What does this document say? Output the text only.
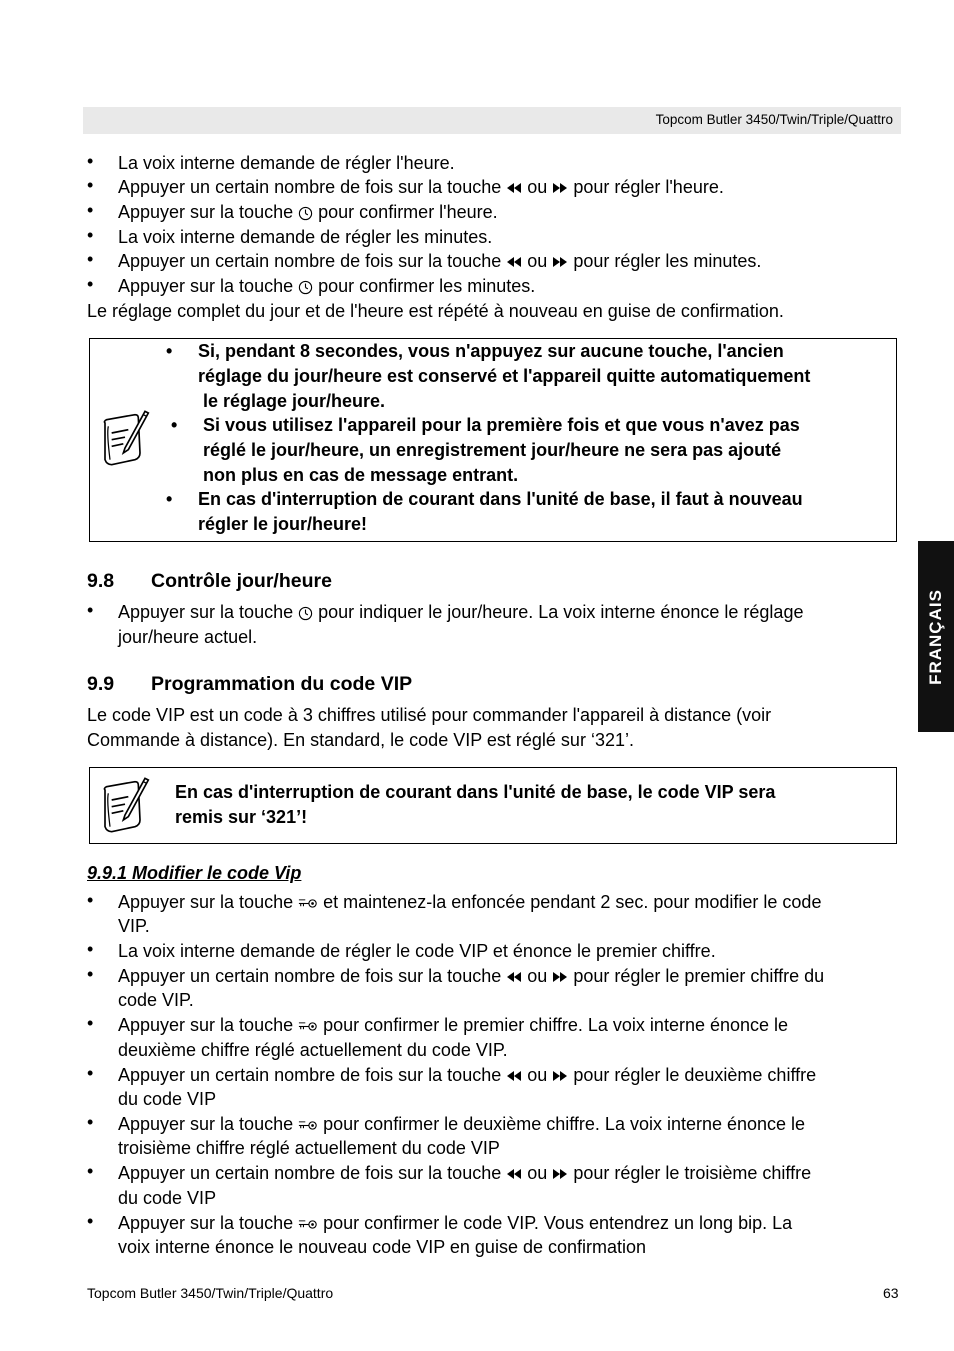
Topcom Butler 3450/Twin/Triple/Quattro
FRANÇAIS
• La voix interne demande de régler l'heure.
• Appuyer un certain nombre de fois sur la touche ou pour régler l'heure.
• Appuyer sur la touche pour confirmer l'heure.
• La voix interne demande de régler les minutes.
• Appuyer un certain nombre de fois sur la touche ou pour régler les minutes.
• Appuyer sur la touche pour confirmer les minutes.
Le réglage complet du jour et de l'heure est répété à nouveau en guise de confirmation.
• Si, pendant 8 secondes, vous n'appuyez sur aucune touche, l'ancien
réglage du jour/heure est conservé et l'appareil quitte automatiquement
le réglage jour/heure.
• Si vous utilisez l'appareil pour la première fois et que vous n'avez pas
réglé le jour/heure, un enregistrement jour/heure ne sera pas ajouté
non plus en cas de message entrant.
• En cas d'interruption de courant dans l'unité de base, il faut à nouveau
régler le jour/heure!
9.8 Contrôle jour/heure
• Appuyer sur la touche pour indiquer le jour/heure. La voix interne énonce le réglage
jour/heure actuel.
9.9 Programmation du code VIP
Le code VIP est un code à 3 chiffres utilisé pour commander l'appareil à distance (voir
Commande à distance). En standard, le code VIP est réglé sur ‘321’.
En cas d'interruption de courant dans l'unité de base, le code VIP sera
remis sur ‘321’!
9.9.1 Modifier le code Vip
• Appuyer sur la touche et maintenez-la enfoncée pendant 2 sec. pour modifier le code
VIP.
• La voix interne demande de régler le code VIP et énonce le premier chiffre.
• Appuyer un certain nombre de fois sur la touche ou pour régler le premier chiffre du
code VIP.
• Appuyer sur la touche pour confirmer le premier chiffre. La voix interne énonce le
deuxième chiffre réglé actuellement du code VIP.
• Appuyer un certain nombre de fois sur la touche ou pour régler le deuxième chiffre
du code VIP
• Appuyer sur la touche pour confirmer le deuxième chiffre. La voix interne énonce le
troisième chiffre réglé actuellement du code VIP
• Appuyer un certain nombre de fois sur la touche ou pour régler le troisième chiffre
du code VIP
• Appuyer sur la touche pour confirmer le code VIP. Vous entendrez un long bip. La
voix interne énonce le nouveau code VIP en guise de confirmation
Topcom Butler 3450/Twin/Triple/Quattro	63
